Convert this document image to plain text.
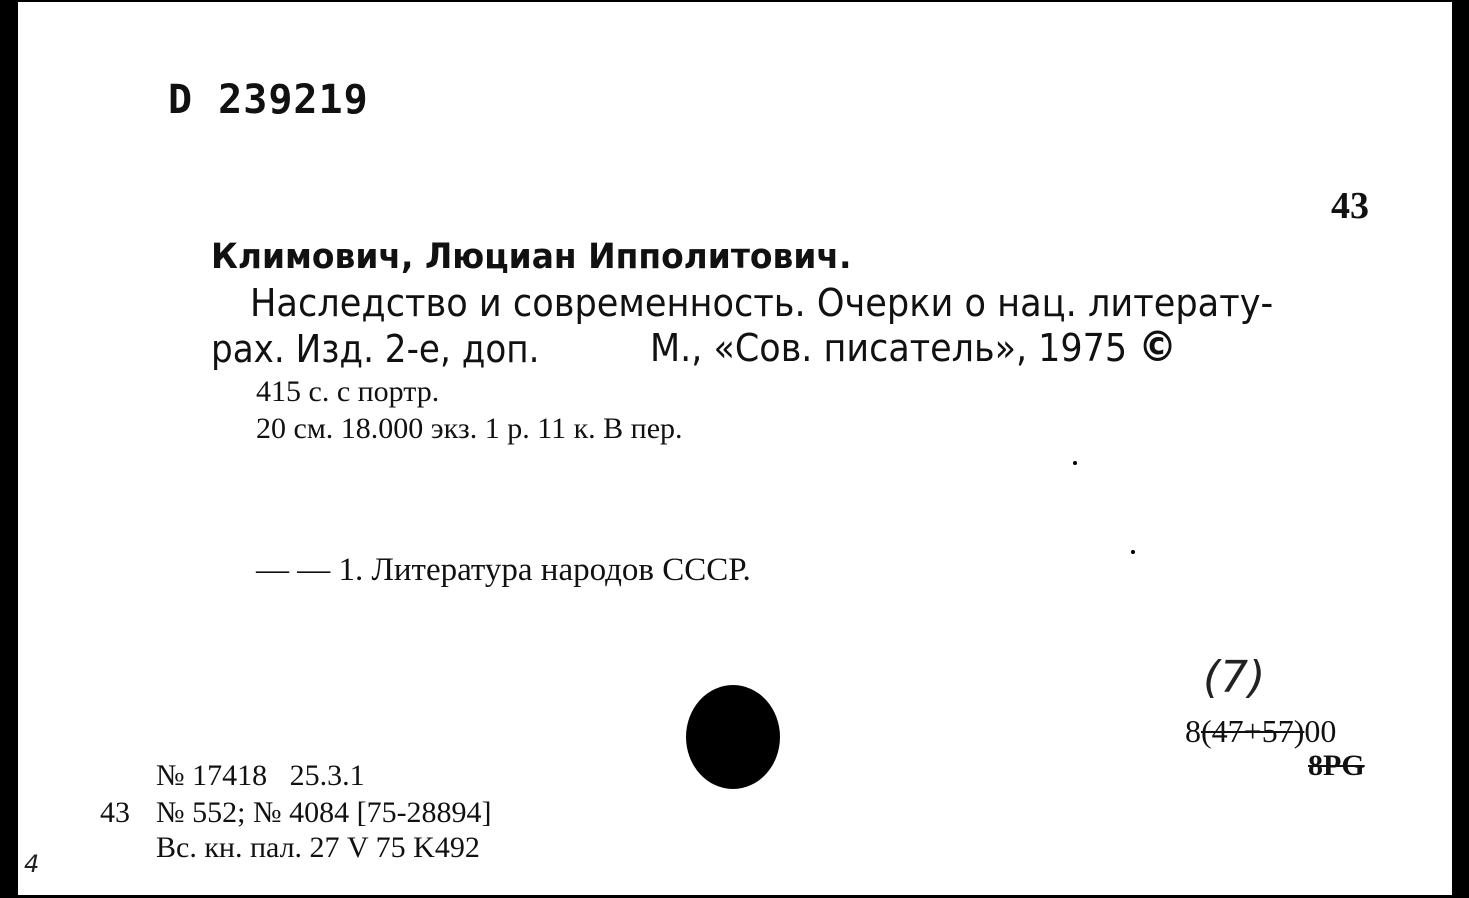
D 239219
43
Климович, Люциан Ипполитович.
Наследство и современность. Очерки о нац. литерату-
рах. Изд. 2-е, доп.	М., «Сов. писатель», 1975 ©
415 с. с портр.
20 см. 18.000 экз. 1 р. 11 к. В пер.
— — 1. Литература народов СССР.
(7)
8(47+57)00
8PG
№ 17418   25.3.1
43 № 552; № 4084 [75-28894]
Вс. кн. пал. 27 V 75 K492
4
